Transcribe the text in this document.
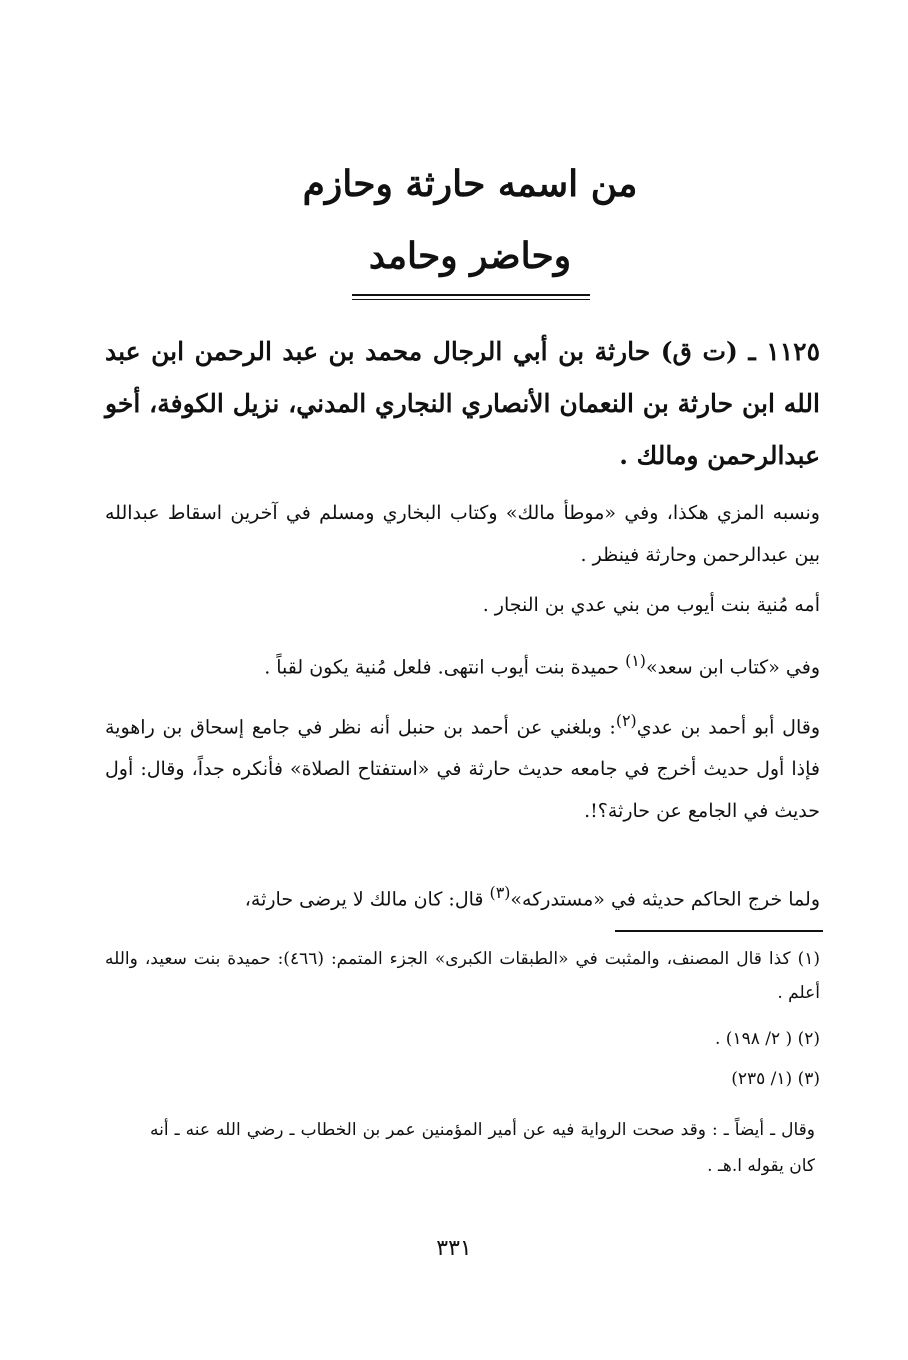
من اسمه حارثة وحازم
وحاضر وحامد
١١٢٥ ـ (ت ق) حارثة بن أبي الرجال محمد بن عبد الرحمن ابن عبد الله ابن حارثة بن النعمان الأنصاري النجاري المدني، نزيل الكوفة، أخو عبدالرحمن ومالك .
ونسبه المزي هكذا، وفي «موطأ مالك» وكتاب البخاري ومسلم في آخرين اسقاط عبدالله بين عبدالرحمن وحارثة فينظر .
أمه مُنية بنت أيوب من بني عدي بن النجار .
وفي «كتاب ابن سعد»$^{(١)}$ حميدة بنت أيوب انتهى. فلعل مُنية يكون لقباً .
وقال أبو أحمد بن عدي$^{(٢)}$: وبلغني عن أحمد بن حنبل أنه نظر في جامع إسحاق بن راهوية فإذا أول حديث أخرج في جامعه حديث حارثة في «استفتاح الصلاة» فأنكره جداً، وقال: أول حديث في الجامع عن حارثة؟!.
ولما خرج الحاكم حديثه في «مستدركه»$^{(٣)}$ قال: كان مالك لا يرضى حارثة،
(١) كذا قال المصنف، والمثبت في «الطبقات الكبرى» الجزء المتمم: (٤٦٦): حميدة بنت سعيد، والله أعلم .
(٢) ( ٢/ ١٩٨) .
(٣) (١/ ٢٣٥)
وقال ـ أيضاً ـ : وقد صحت الرواية فيه عن أمير المؤمنين عمر بن الخطاب ـ رضي الله عنه ـ أنه كان يقوله ا.هـ .
٣٣١
